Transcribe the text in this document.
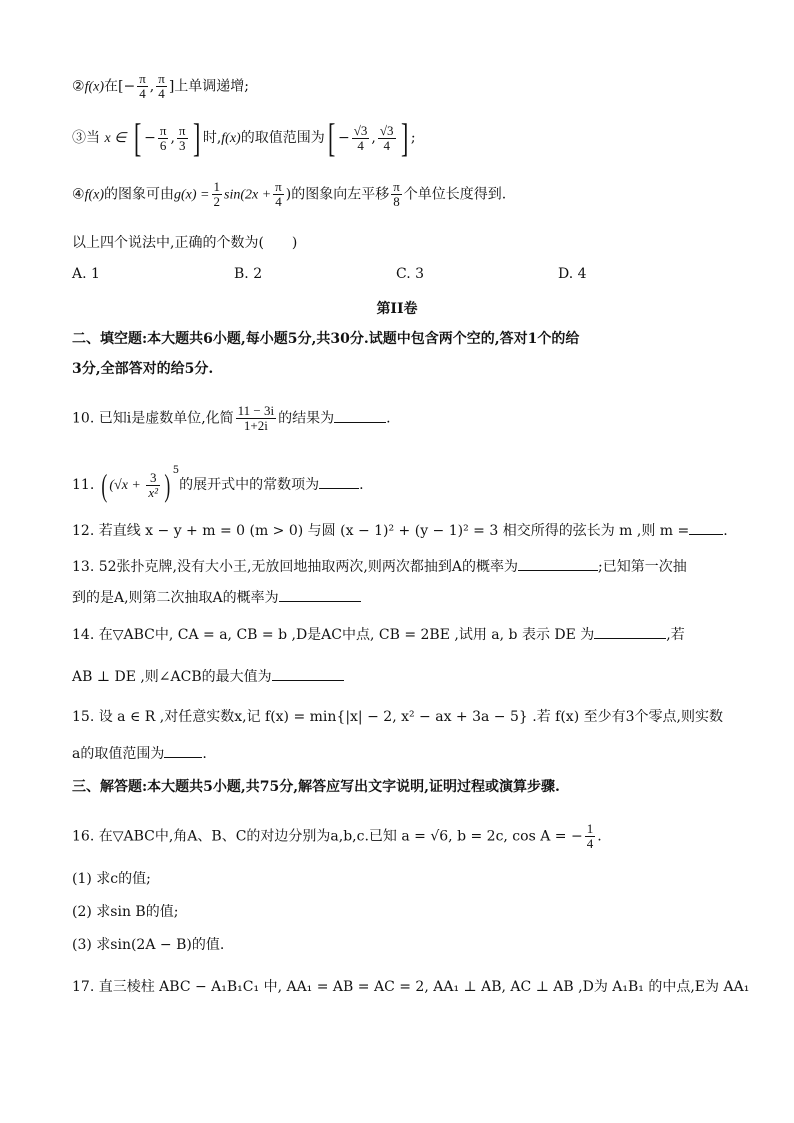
②f(x)在[− $\frac{\pi}{4}$ , $\frac{\pi}{4}$ ]上单调递增;
③当 x ∈ [ − $\frac{\pi}{6}$ , $\frac{\pi}{3}$ ] 时,f(x)的取值范围为[ − $\frac{√3}{4}$ , $\frac{√3}{4}$ ] ;
④f(x)的图象可由$g(x) = \frac{1}{2} \sin(2x + \frac{\pi}{4}$ )的图象向左平移 $\frac{\pi}{8}$ 个单位长度得到.
以上四个说法中,正确的个数为(　　)
A. 1	B. 2	C. 3	D. 4
第II卷
二、填空题:本大题共6小题,每小题5分,共30分.试题中包含两个空的,答对1个的给
3分,全部答对的给5分.
10. 已知i是虚数单位,化简 $\frac{11 - 3i}{1+2i}$ 的结果为	.
11. ( ($√x + \frac{3}{\text{x²}}$ ) $^5$的展开式中的常数项为	.
12. 若直线 x − y + m = 0 (m > 0) 与圆 (x − 1)² + (y − 1)² = 3 相交所得的弦长为 m ,则 m = .
13. 52张扑克牌,没有大小王,无放回地抽取两次,则两次都抽到A的概率为	;已知第一次抽
到的是A,则第二次抽取A的概率为
14. 在▽ABC中, CA = a, CB = b ,D是AC中点, CB = 2BE ,试用 a, b 表示 DE 为	,若
AB ⊥ DE ,则∠ACB的最大值为
15. 设 a ∈ R ,对任意实数x,记 f(x) = min{|x| − 2, x² − ax + 3a − 5} .若 f(x) 至少有3个零点,则实数
a的取值范围为	.
三、解答题:本大题共5小题,共75分,解答应写出文字说明,证明过程或演算步骤.
16. 在▽ABC中,角A、B、C的对边分别为a,b,c.已知 a = √6, b = 2c, cos A = − $\frac{1}{4}$ .
(1) 求c的值;
(2) 求sin B的值;
(3) 求sin(2A − B)的值.
17. 直三棱柱 ABC − A₁B₁C₁ 中, AA₁ = AB = AC = 2, AA₁ ⊥ AB, AC ⊥ AB ,D为 A₁B₁ 的中点,E为 AA₁
